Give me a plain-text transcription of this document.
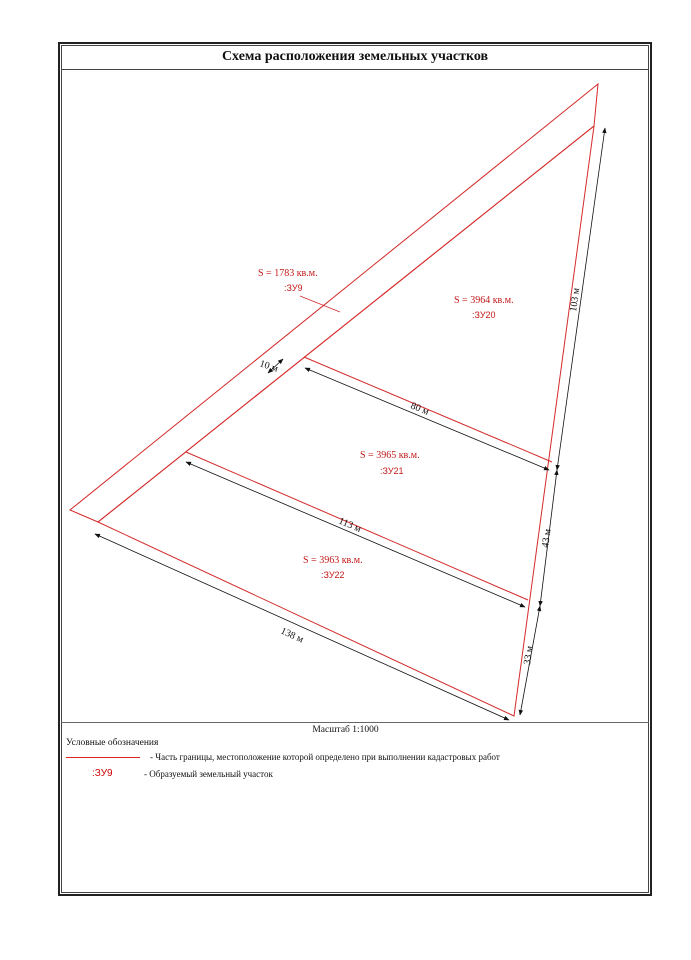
Схема расположения земельных участков
S = 1783 кв.м.
:ЗУ9
S = 3964 кв.м.
:ЗУ20
S = 3965 кв.м.
:ЗУ21
S = 3963 кв.м.
:ЗУ22
10 м
80 м
113 м
138 м
103 м
43 м
33 м
Масштаб 1:1000
Условные обозначения
- Часть границы, местоположение которой определено при выполнении кадастровых работ
:ЗУ9	- Образуемый земельный участок
